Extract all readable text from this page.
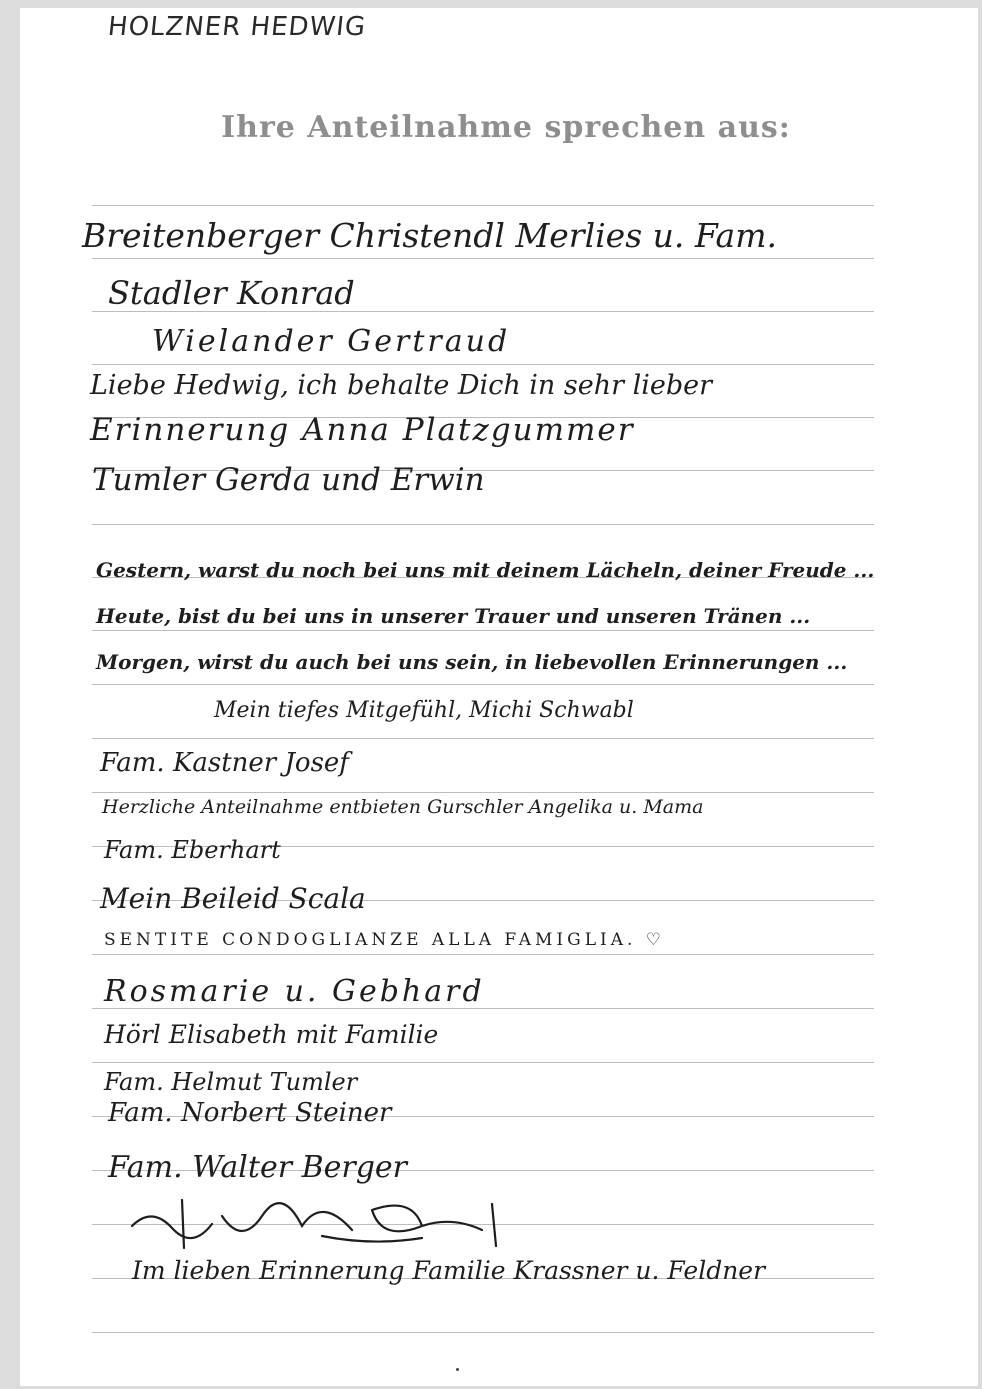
HOLZNER HEDWIG
Ihre Anteilnahme sprechen aus:
Breitenberger Christendl Merlies u. Fam.
Stadler Konrad
Wielander Gertraud
Liebe Hedwig, ich behalte Dich in sehr lieber
Erinnerung Anna Platzgummer
Tumler Gerda und Erwin
Gestern, warst du noch bei uns mit deinem Lächeln, deiner Freude ...
Heute, bist du bei uns in unserer Trauer und unseren Tränen ...
Morgen, wirst du auch bei uns sein, in liebevollen Erinnerungen ...
Mein tiefes Mitgefühl, Michi Schwabl
Fam. Kastner Josef
Herzliche Anteilnahme entbieten Gurschler Angelika u. Mama
Fam. Eberhart
Mein Beileid Scala
SENTITE CONDOGLIANZE ALLA FAMIGLIA. ♡
Rosmarie u. Gebhard
Hörl Elisabeth mit Familie
Fam. Helmut Tumler
Fam. Norbert Steiner
Fam. Walter Berger
Im lieben Erinnerung Familie Krassner u. Feldner
